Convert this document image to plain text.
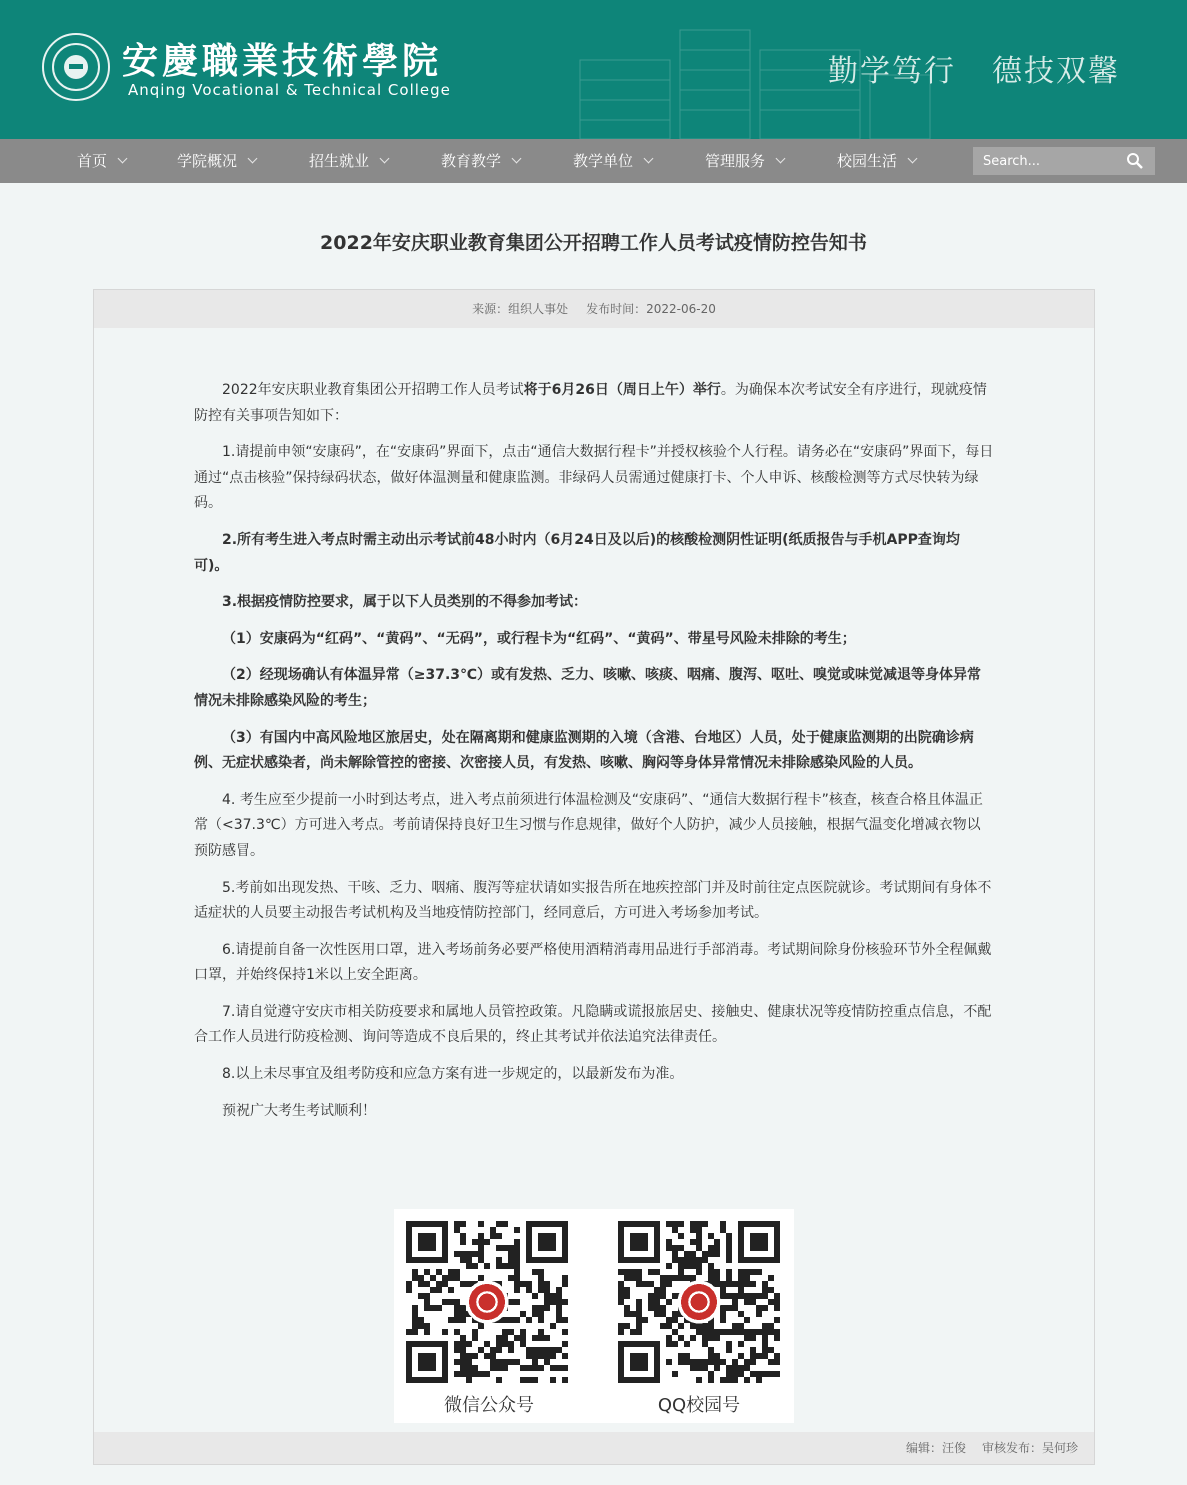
安慶職業技術學院
Anqing Vocational & Technical College
勤学笃行 德技双馨
首页	学院概况	招生就业	教育教学	教学单位	管理服务	校园生活
Search...
2022年安庆职业教育集团公开招聘工作人员考试疫情防控告知书
来源：组织人事处 发布时间：2022-06-20

2022年安庆职业教育集团公开招聘工作人员考试将于6月26日（周日上午）举行。为确保本次考试安全有序进行，现就疫情防控有关事项告知如下：

1.请提前申领“安康码”，在“安康码”界面下，点击“通信大数据行程卡”并授权核验个人行程。请务必在“安康码”界面下，每日通过“点击核验”保持绿码状态，做好体温测量和健康监测。非绿码人员需通过健康打卡、个人申诉、核酸检测等方式尽快转为绿码。

2.所有考生进入考点时需主动出示考试前48小时内（6月24日及以后)的核酸检测阴性证明(纸质报告与手机APP查询均可)。

3.根据疫情防控要求，属于以下人员类别的不得参加考试：

（1）安康码为“红码”、“黄码”、“无码”，或行程卡为“红码”、“黄码”、带星号风险未排除的考生；

（2）经现场确认有体温异常（≥37.3℃）或有发热、乏力、咳嗽、咳痰、咽痛、腹泻、呕吐、嗅觉或味觉减退等身体异常情况未排除感染风险的考生；

（3）有国内中高风险地区旅居史，处在隔离期和健康监测期的入境（含港、台地区）人员，处于健康监测期的出院确诊病例、无症状感染者，尚未解除管控的密接、次密接人员，有发热、咳嗽、胸闷等身体异常情况未排除感染风险的人员。

4. 考生应至少提前一小时到达考点，进入考点前须进行体温检测及“安康码”、“通信大数据行程卡”核查，核查合格且体温正常（<37.3℃）方可进入考点。考前请保持良好卫生习惯与作息规律，做好个人防护，减少人员接触，根据气温变化增减衣物以预防感冒。

5.考前如出现发热、干咳、乏力、咽痛、腹泻等症状请如实报告所在地疾控部门并及时前往定点医院就诊。考试期间有身体不适症状的人员要主动报告考试机构及当地疫情防控部门，经同意后，方可进入考场参加考试。

6.请提前自备一次性医用口罩，进入考场前务必要严格使用酒精消毒用品进行手部消毒。考试期间除身份核验环节外全程佩戴口罩，并始终保持1米以上安全距离。

7.请自觉遵守安庆市相关防疫要求和属地人员管控政策。凡隐瞒或谎报旅居史、接触史、健康状况等疫情防控重点信息，不配合工作人员进行防疫检测、询问等造成不良后果的，终止其考试并依法追究法律责任。

8.以上未尽事宜及组考防疫和应急方案有进一步规定的，以最新发布为准。

预祝广大考生考试顺利！

微信公众号	QQ校园号
编辑：汪俊 审核发布：吴何珍
